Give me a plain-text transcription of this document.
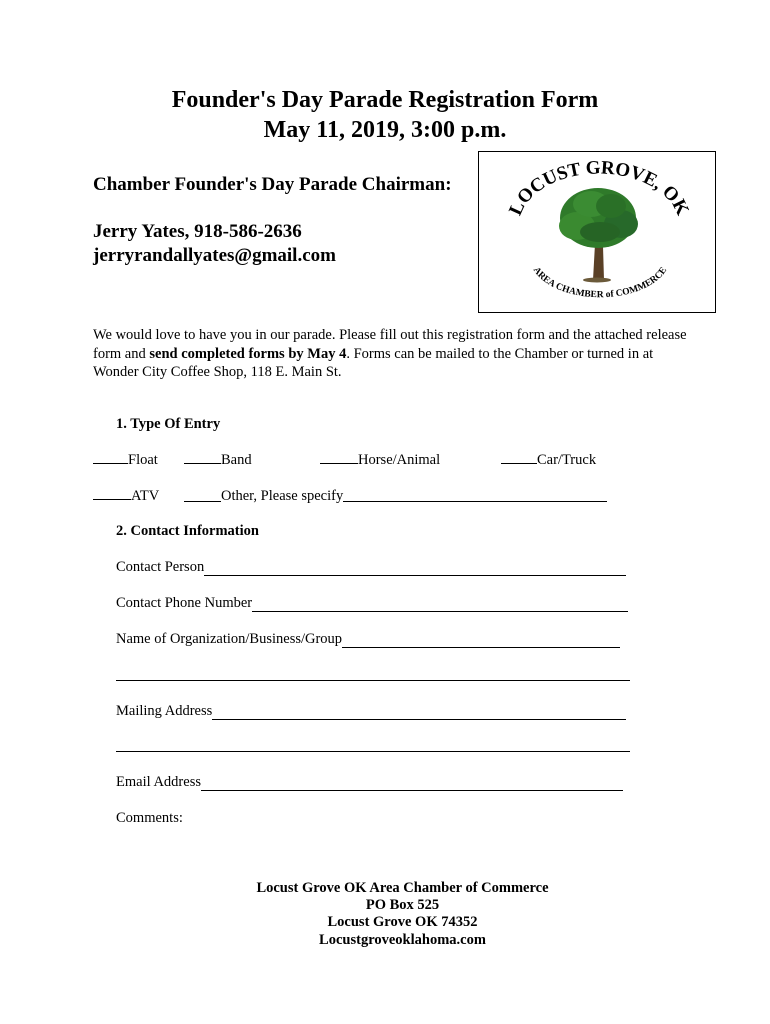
Founder's Day Parade Registration Form
May 11, 2019, 3:00 p.m.
Chamber Founder's Day Parade Chairman:
Jerry Yates, 918-586-2636
jerryrandallyates@gmail.com
LOCUST GROVE, OK
AREA CHAMBER of COMMERCE
We would love to have you in our parade. Please fill out this registration form and the attached release form and send completed forms by May 4. Forms can be mailed to the Chamber or turned in at Wonder City Coffee Shop, 118 E. Main St.
1. Type Of Entry
Float	Band	Horse/Animal	Car/Truck
ATV	Other, Please specify
2. Contact Information
Contact Person
Contact Phone Number
Name of Organization/Business/Group
Mailing Address
Email Address
Comments:
Locust Grove OK Area Chamber of Commerce
PO Box 525
Locust Grove OK 74352
Locustgroveoklahoma.com
